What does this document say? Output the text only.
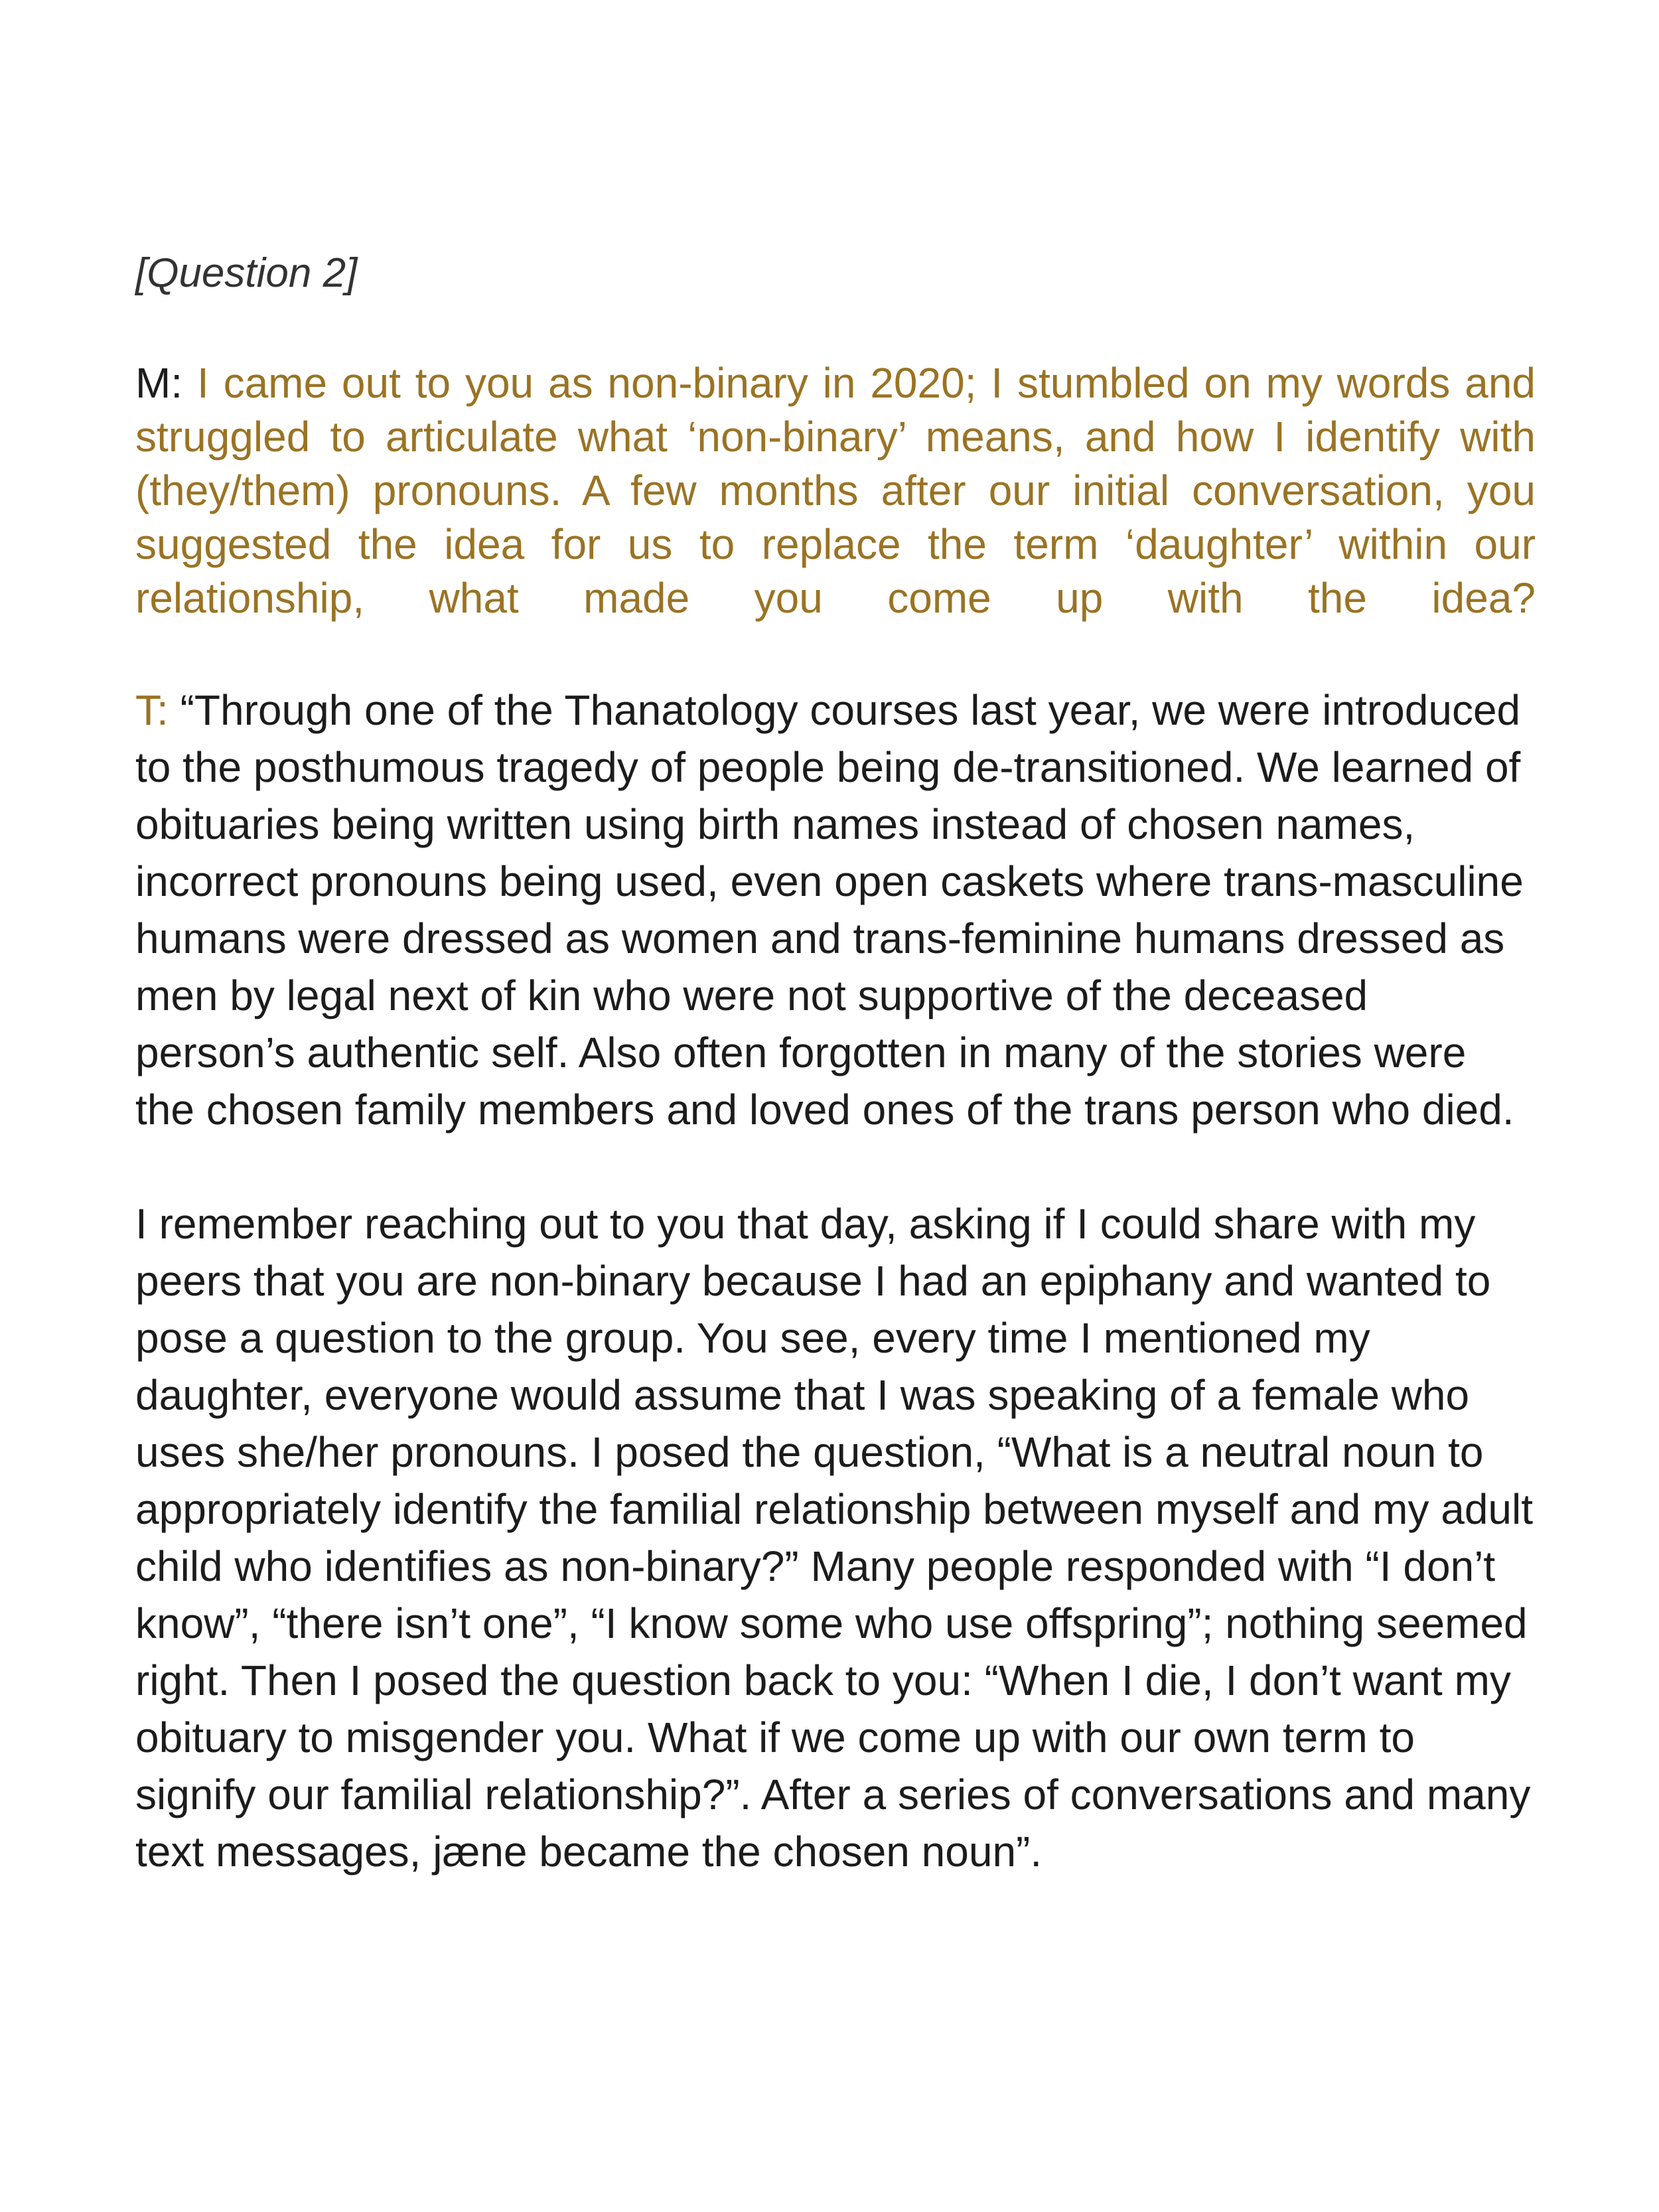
[Question 2]

M: I came out to you as non-binary in 2020; I stumbled on my words and struggled to articulate what ‘non-binary’ means, and how I identify with (they/them) pronouns. A few months after our initial conversation, you suggested the idea for us to replace the term ‘daughter’ within our relationship, what made you come up with the idea?

T: “Through one of the Thanatology courses last year, we were introduced to the posthumous tragedy of people being de-transitioned. We learned of obituaries being written using birth names instead of chosen names, incorrect pronouns being used, even open caskets where trans-masculine humans were dressed as women and trans-feminine humans dressed as men by legal next of kin who were not supportive of the deceased person’s authentic self. Also often forgotten in many of the stories were the chosen family members and loved ones of the trans person who died.

I remember reaching out to you that day, asking if I could share with my peers that you are non-binary because I had an epiphany and wanted to pose a question to the group. You see, every time I mentioned my daughter, everyone would assume that I was speaking of a female who uses she/her pronouns. I posed the question, “What is a neutral noun to appropriately identify the familial relationship between myself and my adult child who identifies as non-binary?” Many people responded with “I don’t know”, “there isn’t one”, “I know some who use offspring”; nothing seemed right. Then I posed the question back to you: “When I die, I don’t want my obituary to misgender you. What if we come up with our own term to signify our familial relationship?”. After a series of conversations and many text messages, jæne became the chosen noun”.
